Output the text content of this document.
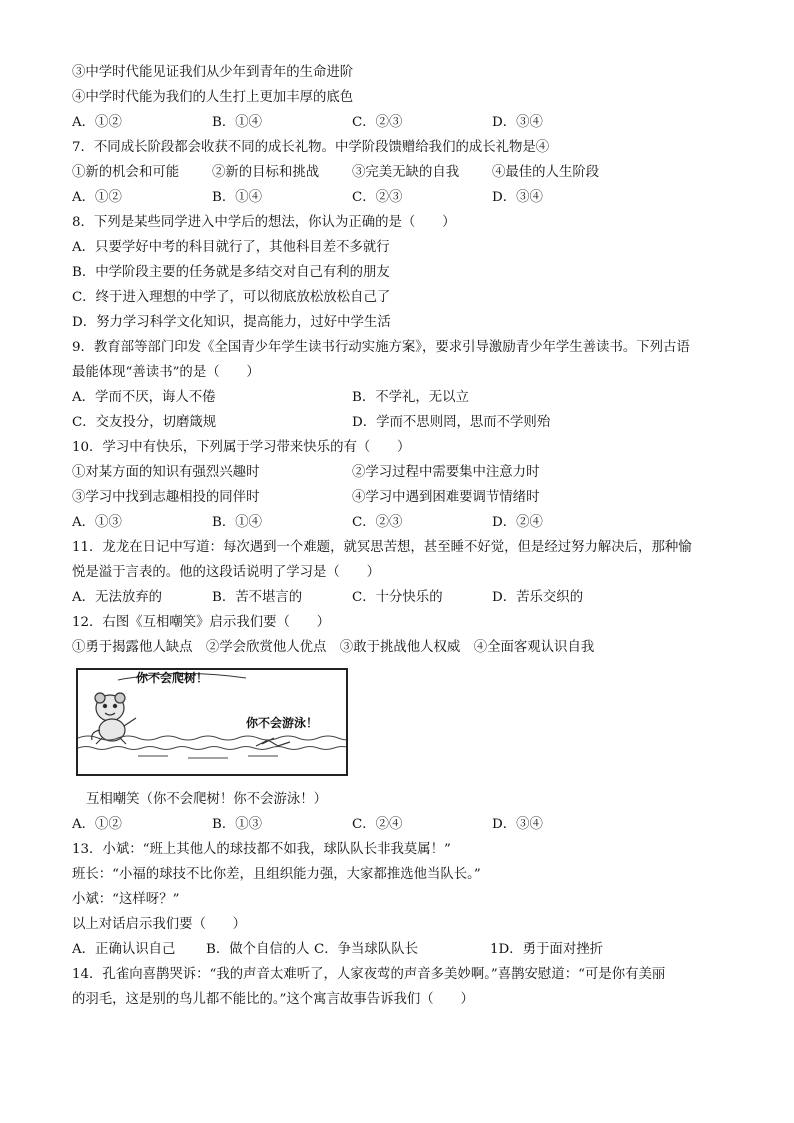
③中学时代能见证我们从少年到青年的生命进阶
④中学时代能为我们的人生打上更加丰厚的底色
A．①②	B．①④	C．②③	D．③④
7．不同成长阶段都会收获不同的成长礼物。中学阶段馈赠给我们的成长礼物是④
①新的机会和可能 ②新的目标和挑战 ③完美无缺的自我 ④最佳的人生阶段
A．①②	B．①④	C．②③	D．③④
8．下列是某些同学进入中学后的想法，你认为正确的是（　　）
A．只要学好中考的科目就行了，其他科目差不多就行
B．中学阶段主要的任务就是多结交对自己有利的朋友
C．终于进入理想的中学了，可以彻底放松放松自己了
D．努力学习科学文化知识，提高能力，过好中学生活
9．教育部等部门印发《全国青少年学生读书行动实施方案》，要求引导激励青少年学生善读书。下列古语
最能体现“善读书”的是（　　）
A．学而不厌，诲人不倦	B．不学礼，无以立
C．交友投分，切磨箴规	D．学而不思则罔，思而不学则殆
10．学习中有快乐，下列属于学习带来快乐的有（　　）
①对某方面的知识有强烈兴趣时	②学习过程中需要集中注意力时
③学习中找到志趣相投的同伴时	④学习中遇到困难要调节情绪时
A．①③	B．①④	C．②③	D．②④
11．龙龙在日记中写道：每次遇到一个难题，就冥思苦想，甚至睡不好觉，但是经过努力解决后，那种愉
悦是溢于言表的。他的这段话说明了学习是（　　）
A．无法放弃的	B．苦不堪言的	C．十分快乐的	D．苦乐交织的
12．右图《互相嘲笑》启示我们要（　　）
①勇于揭露他人缺点　②学会欣赏他人优点　③敢于挑战他人权威　④全面客观认识自我
你不会爬树！
你不会游泳！
互相嘲笑（你不会爬树！你不会游泳！）
A．①②	B．①③	C．②④	D．③④
13．小斌：“班上其他人的球技都不如我，球队队长非我莫属！”
班长：“小福的球技不比你差，且组织能力强，大家都推选他当队长。”
小斌：“这样呀？”
以上对话启示我们要（　　）
A．正确认识自己 B．做个自信的人 C．争当球队队长	1D．勇于面对挫折
14．孔雀向喜鹊哭诉：“我的声音太难听了，人家夜莺的声音多美妙啊。”喜鹊安慰道：“可是你有美丽
的羽毛，这是别的鸟儿都不能比的。”这个寓言故事告诉我们（　　）
